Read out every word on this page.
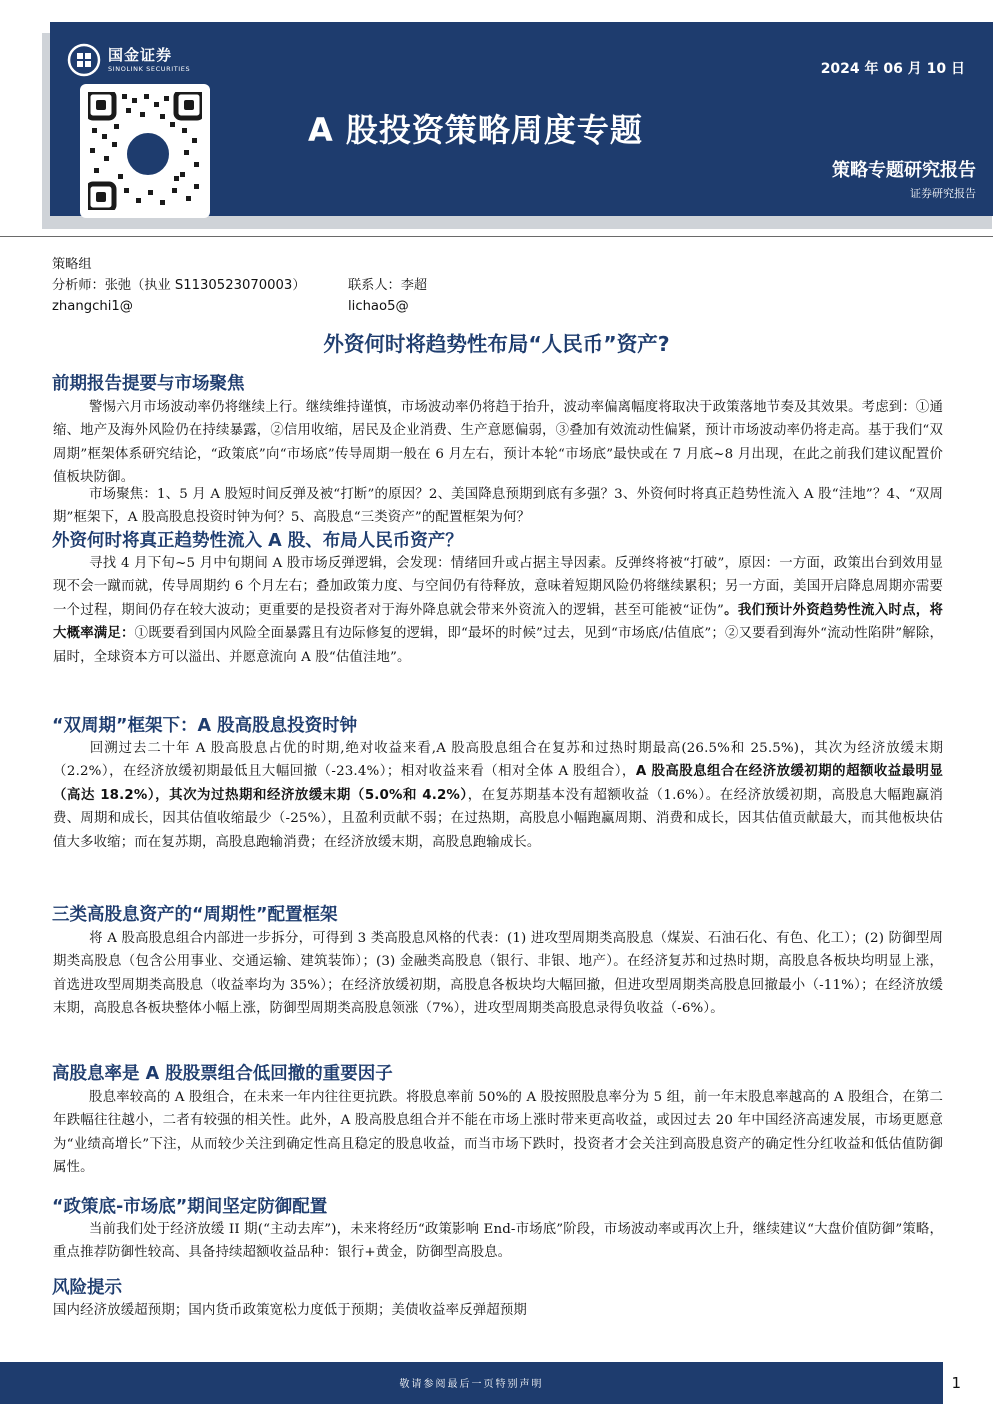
国金证券
SINOLINK SECURITIES	2024 年 06 月 10 日
A 股投资策略周度专题
策略专题研究报告
证券研究报告
策略组
分析师：张弛（执业 S1130523070003）	联系人：李超
zhangchi1@	lichao5@
外资何时将趋势性布局“人民币”资产?
前期报告提要与市场聚焦

警惕六月市场波动率仍将继续上行。继续维持谨慎，市场波动率仍将趋于抬升，波动率偏离幅度将取决于政策落地节奏及其效果。考虑到：①通缩、地产及海外风险仍在持续暴露，②信用收缩，居民及企业消费、生产意愿偏弱，③叠加有效流动性偏紧，预计市场波动率仍将走高。基于我们“双周期”框架体系研究结论，“政策底”向“市场底”传导周期一般在 6 月左右，预计本轮“市场底”最快或在 7 月底~8 月出现，在此之前我们建议配置价值板块防御。

市场聚焦：1、5 月 A 股短时间反弹及被“打断”的原因？2、美国降息预期到底有多强？3、外资何时将真正趋势性流入 A 股“洼地”？4、“双周期”框架下，A 股高股息投资时钟为何？5、高股息“三类资产”的配置框架为何？

外资何时将真正趋势性流入 A 股、布局人民币资产？

寻找 4 月下旬~5 月中旬期间 A 股市场反弹逻辑，会发现：情绪回升或占据主导因素。反弹终将被“打破”，原因：一方面，政策出台到效用显现不会一蹴而就，传导周期约 6 个月左右；叠加政策力度、与空间仍有待释放，意味着短期风险仍将继续累积；另一方面，美国开启降息周期亦需要一个过程，期间仍存在较大波动；更重要的是投资者对于海外降息就会带来外资流入的逻辑，甚至可能被“证伪”。我们预计外资趋势性流入时点，将大概率满足：①既要看到国内风险全面暴露且有边际修复的逻辑，即“最坏的时候”过去，见到“市场底/估值底”；②又要看到海外“流动性陷阱”解除，届时，全球资本方可以溢出、并愿意流向 A 股“估值洼地”。

“双周期”框架下：A 股高股息投资时钟

回溯过去二十年 A 股高股息占优的时期,绝对收益来看,A 股高股息组合在复苏和过热时期最高(26.5%和 25.5%)，其次为经济放缓末期（2.2%），在经济放缓初期最低且大幅回撤（-23.4%）；相对收益来看（相对全体 A 股组合），A 股高股息组合在经济放缓初期的超额收益最明显（高达 18.2%），其次为过热期和经济放缓末期（5.0%和 4.2%），在复苏期基本没有超额收益（1.6%）。在经济放缓初期，高股息大幅跑赢消费、周期和成长，因其估值收缩最少（-25%），且盈利贡献不弱；在过热期，高股息小幅跑赢周期、消费和成长，因其估值贡献最大，而其他板块估值大多收缩；而在复苏期，高股息跑输消费；在经济放缓末期，高股息跑输成长。

三类高股息资产的“周期性”配置框架

将 A 股高股息组合内部进一步拆分，可得到 3 类高股息风格的代表：(1) 进攻型周期类高股息（煤炭、石油石化、有色、化工）；(2) 防御型周期类高股息（包含公用事业、交通运输、建筑装饰）；(3) 金融类高股息（银行、非银、地产）。在经济复苏和过热时期，高股息各板块均明显上涨，首选进攻型周期类高股息（收益率均为 35%）；在经济放缓初期，高股息各板块均大幅回撤，但进攻型周期类高股息回撤最小（-11%）；在经济放缓末期，高股息各板块整体小幅上涨，防御型周期类高股息领涨（7%），进攻型周期类高股息录得负收益（-6%）。

高股息率是 A 股股票组合低回撤的重要因子

股息率较高的 A 股组合，在未来一年内往往更抗跌。将股息率前 50%的 A 股按照股息率分为 5 组，前一年末股息率越高的 A 股组合，在第二年跌幅往往越小，二者有较强的相关性。此外，A 股高股息组合并不能在市场上涨时带来更高收益，或因过去 20 年中国经济高速发展，市场更愿意为“业绩高增长”下注，从而较少关注到确定性高且稳定的股息收益，而当市场下跌时，投资者才会关注到高股息资产的确定性分红收益和低估值防御属性。

“政策底-市场底”期间坚定防御配置

当前我们处于经济放缓 II 期(“主动去库”)，未来将经历“政策影响 End-市场底”阶段，市场波动率或再次上升，继续建议“大盘价值防御”策略，重点推荐防御性较高、具备持续超额收益品种：银行+黄金，防御型高股息。

风险提示

国内经济放缓超预期；国内货币政策宽松力度低于预期；美债收益率反弹超预期

敬请参阅最后一页特别声明	1
